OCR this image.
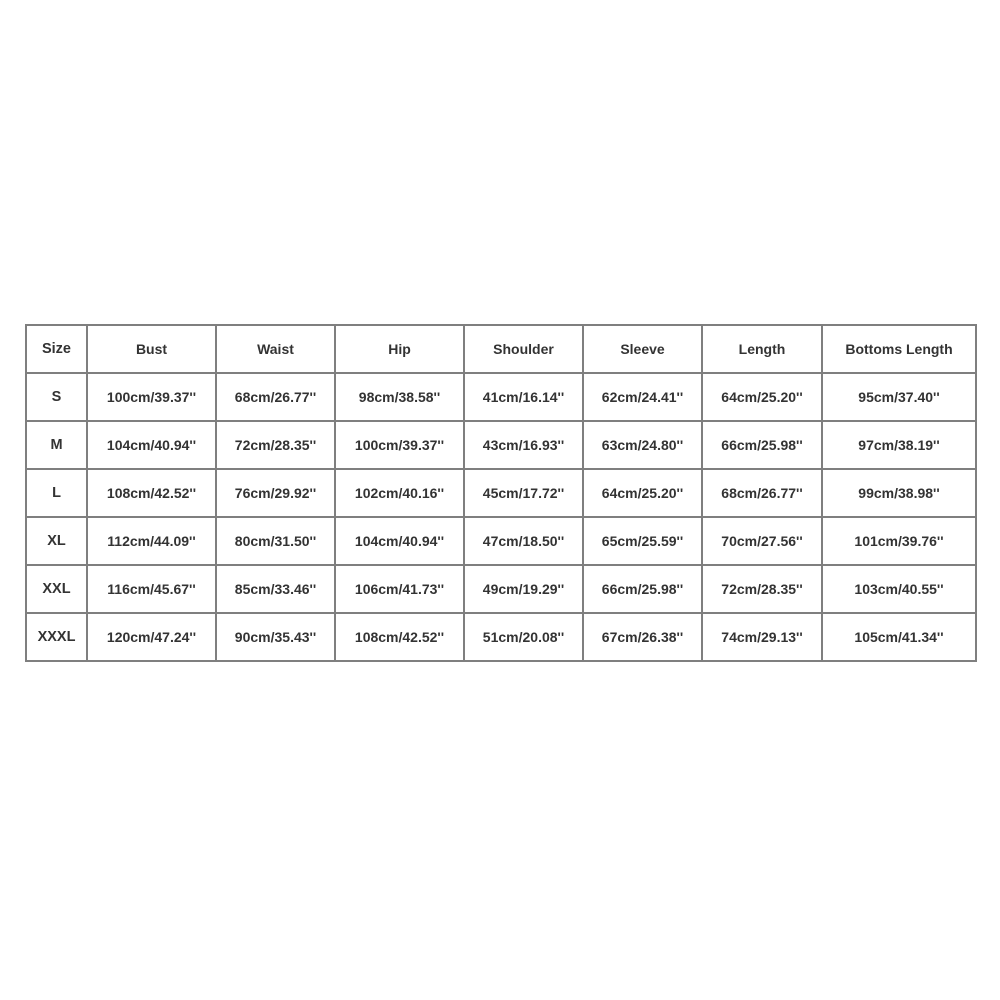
Size	Bust	Waist	Hip	Shoulder	Sleeve	Length	Bottoms Length
S	100cm/39.37''	68cm/26.77''	98cm/38.58''	41cm/16.14''	62cm/24.41''	64cm/25.20''	95cm/37.40''
M	104cm/40.94''	72cm/28.35''	100cm/39.37''	43cm/16.93''	63cm/24.80''	66cm/25.98''	97cm/38.19''
L	108cm/42.52''	76cm/29.92''	102cm/40.16''	45cm/17.72''	64cm/25.20''	68cm/26.77''	99cm/38.98''
XL	112cm/44.09''	80cm/31.50''	104cm/40.94''	47cm/18.50''	65cm/25.59''	70cm/27.56''	101cm/39.76''
XXL	116cm/45.67''	85cm/33.46''	106cm/41.73''	49cm/19.29''	66cm/25.98''	72cm/28.35''	103cm/40.55''
XXXL	120cm/47.24''	90cm/35.43''	108cm/42.52''	51cm/20.08''	67cm/26.38''	74cm/29.13''	105cm/41.34''
